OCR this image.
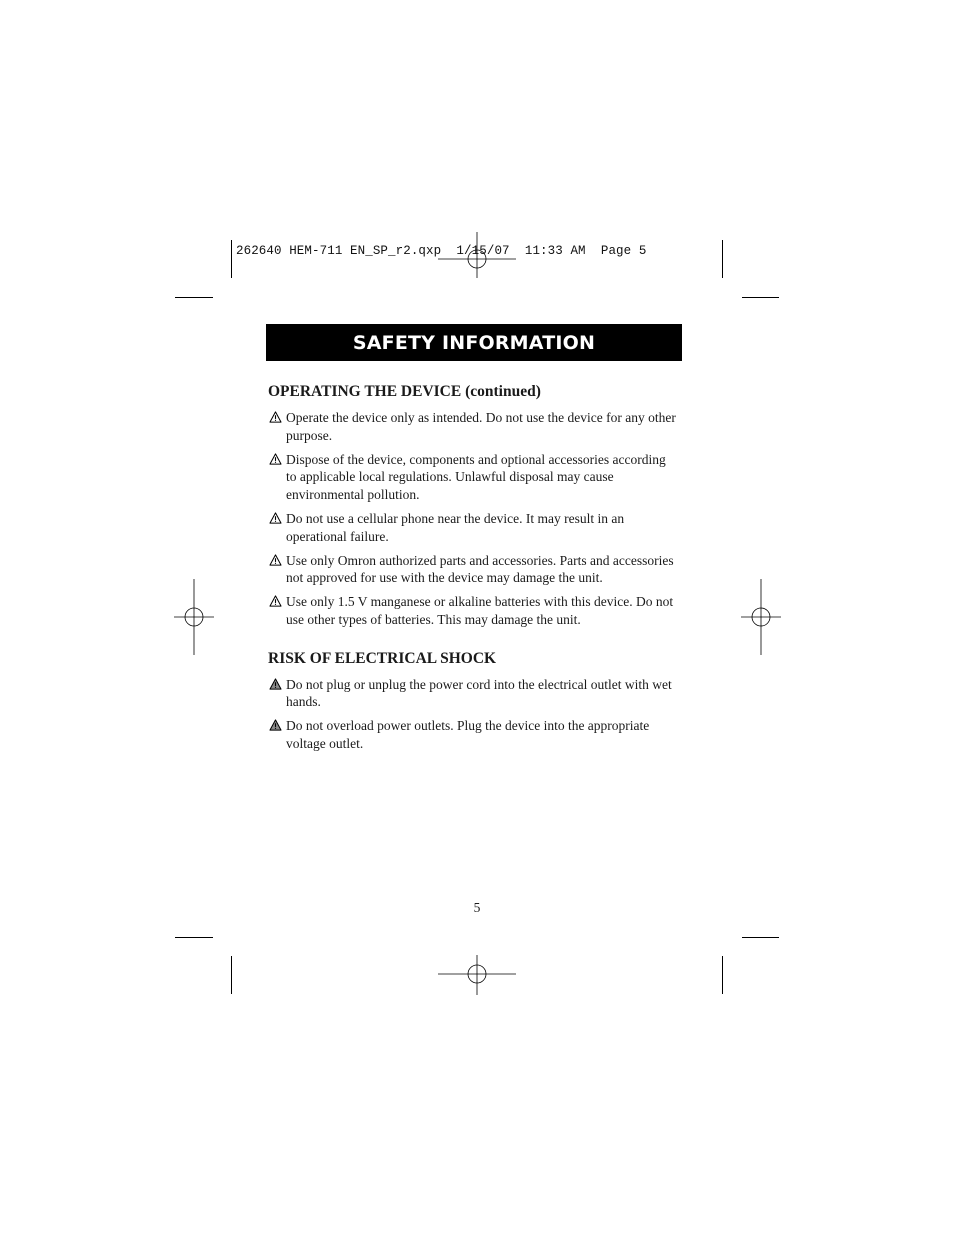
262640 HEM-711 EN_SP_r2.qxp  1/15/07  11:33 AM  Page 5
SAFETY INFORMATION
OPERATING THE DEVICE (continued)
Operate the device only as intended. Do not use the device for any other purpose.
Dispose of the device, components and optional accessories according to applicable local regulations. Unlawful disposal may cause environmental pollution.
Do not use a cellular phone near the device. It may result in an operational failure.
Use only Omron authorized parts and accessories. Parts and accessories not approved for use with the device may damage the unit.
Use only 1.5 V manganese or alkaline batteries with this device. Do not use other types of batteries. This may damage the unit.
RISK OF ELECTRICAL SHOCK
Do not plug or unplug the power cord into the electrical outlet with wet hands.
Do not overload power outlets. Plug the device into the appropriate voltage outlet.
5
